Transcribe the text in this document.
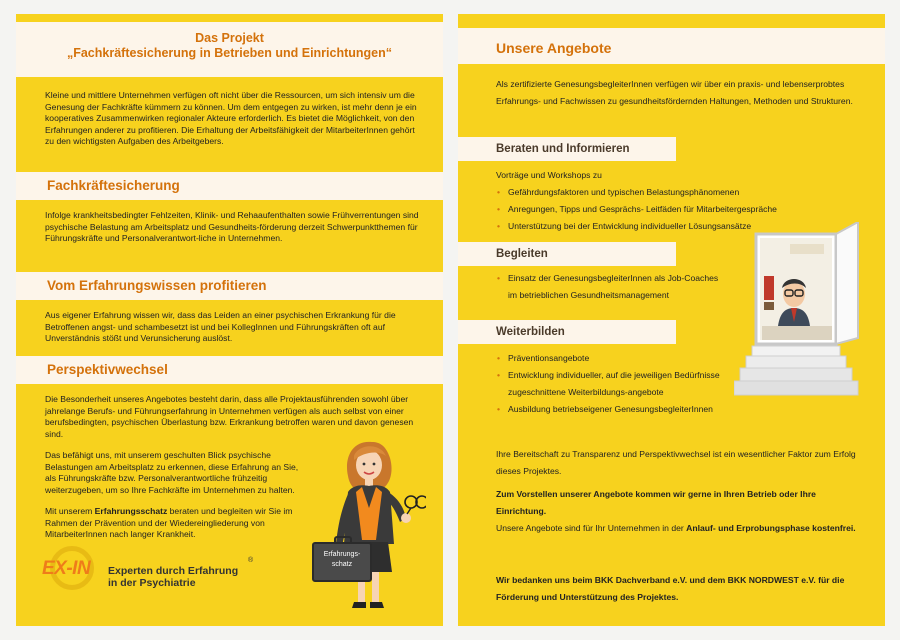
Das Projekt
„Fachkräftesicherung in Betrieben und Einrichtungen“
Kleine und mittlere Unternehmen verfügen oft nicht über die Ressourcen, um sich intensiv um die Genesung der Fachkräfte kümmern zu können. Um dem entgegen zu wirken, ist mehr denn je ein kooperatives Zusammenwirken regionaler Akteure erforderlich. Es bietet die Möglichkeit, von den Erfahrungen anderer zu profitieren. Die Erhaltung der Arbeitsfähigkeit der MitarbeiterInnen gehört zu den wichtigsten Aufgaben des Arbeitgebers.
Fachkräftesicherung
Infolge krankheitsbedingter Fehlzeiten, Klinik- und Rehaaufenthalten sowie Frühverrentungen sind psychische Belastung am Arbeitsplatz und Gesundheits-förderung derzeit Schwerpunktthemen für Führungskräfte und Personalverantwort-liche in Unternehmen.
Vom Erfahrungswissen profitieren
Aus eigener Erfahrung wissen wir, dass das Leiden an einer psychischen Erkrankung für die Betroffenen angst- und schambesetzt ist und bei KollegInnen und Führungskräften oft auf Unverständnis stößt und Verunsicherung auslöst.
Perspektivwechsel
Die Besonderheit unseres Angebotes besteht darin, dass alle Projektausführenden sowohl über jahrelange Berufs- und Führungserfahrung in Unternehmen verfügen als auch selbst von einer berufsbedingten, psychischen Überlastung bzw. Erkrankung betroffen waren und davon genesen sind.
Das befähigt uns, mit unserem geschulten Blick psychische Belastungen am Arbeitsplatz zu erkennen, diese Erfahrung an Sie, als Führungskräfte bzw. Personalverantwortliche frühzeitig weiterzugeben, um so Ihre Fachkräfte im Unternehmen zu halten.
Mit unserem Erfahrungsschatz beraten und begleiten wir Sie im Rahmen der Prävention und der Wiedereingliederung von MitarbeiterInnen nach langer Krankheit.
Erfahrungs-
schatz
EX-IN Experten durch Erfahrung
in der Psychiatrie
®
Unsere Angebote
Als zertifizierte GenesungsbegleiterInnen verfügen wir über ein praxis- und lebenserprobtes Erfahrungs- und Fachwissen zu gesundheitsfördernden Haltungen, Methoden und Strukturen.
Beraten und Informieren
Vorträge und Workshops zu
• Gefährdungsfaktoren und typischen Belastungsphänomenen
• Anregungen, Tipps und Gesprächs- Leitfäden für Mitarbeitergespräche
• Unterstützung bei der Entwicklung individueller Lösungsansätze
Begleiten
• Einsatz der GenesungsbegleiterInnen als Job-Coaches im betrieblichen Gesundheitsmanagement
Weiterbilden
• Präventionsangebote
• Entwicklung individueller, auf die jeweiligen Bedürfnisse zugeschnittene Weiterbildungs-angebote
• Ausbildung betriebseigener GenesungsbegleiterInnen
Ihre Bereitschaft zu Transparenz und Perspektivwechsel ist ein wesentlicher Faktor zum Erfolg dieses Projektes.
Zum Vorstellen unserer Angebote kommen wir gerne in Ihren Betrieb oder Ihre Einrichtung.
Unsere Angebote sind für Ihr Unternehmen in der Anlauf- und Erprobungsphase kostenfrei.
Wir bedanken uns beim BKK Dachverband e.V. und dem BKK NORDWEST e.V. für die Förderung und Unterstützung des Projektes.
